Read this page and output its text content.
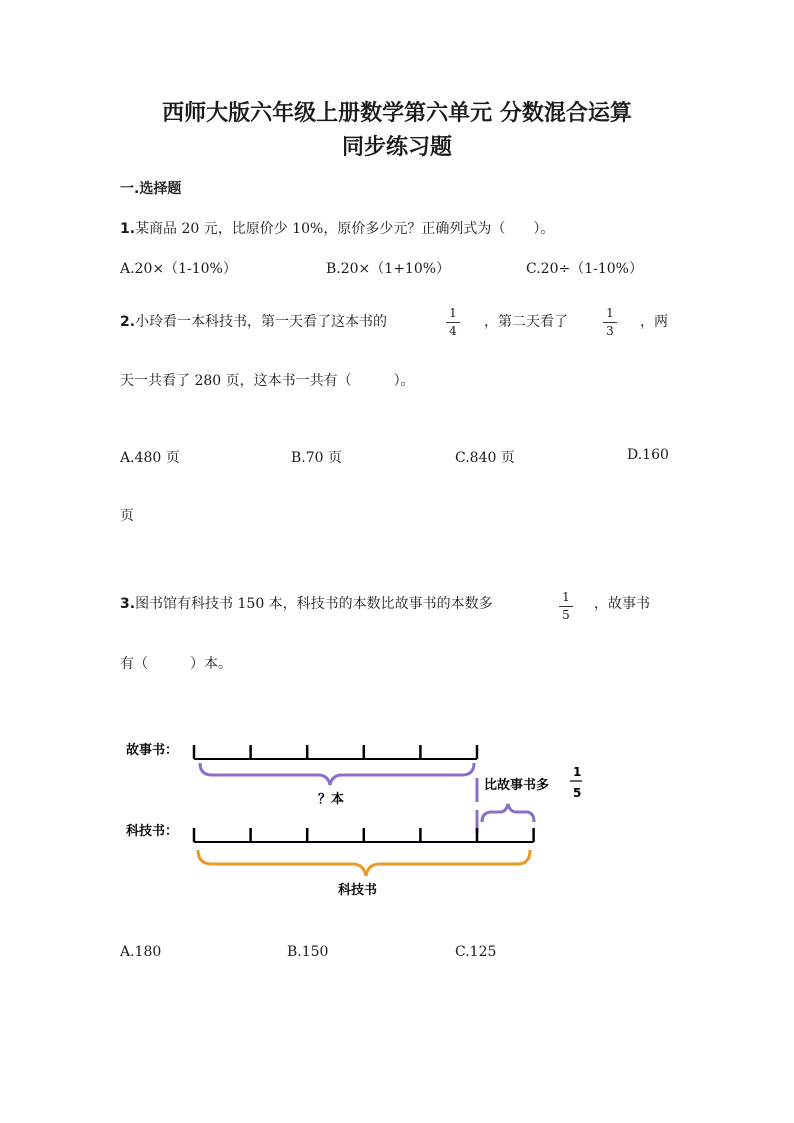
西师大版六年级上册数学第六单元 分数混合运算
同步练习题
一.选择题
1.某商品 20 元，比原价少 10%，原价多少元？正确列式为（　　）。
A.20×（1-10%）	B.20×（1+10%）	C.20÷（1-10%）
2.小玲看一本科技书，第一天看了这本书的
1
4
，第二天看了
1
3
，两
天一共看了 280 页，这本书一共有（　　　）。
A.480 页	B.70 页	C.840 页	D.160
页
3.图书馆有科技书 150 本，科技书的本数比故事书的本数多	1
5
，故事书
有（　　　）本。
故事书：
？本
比故事书多
1
5
科技书：
科技书
A.180	B.150	C.125
